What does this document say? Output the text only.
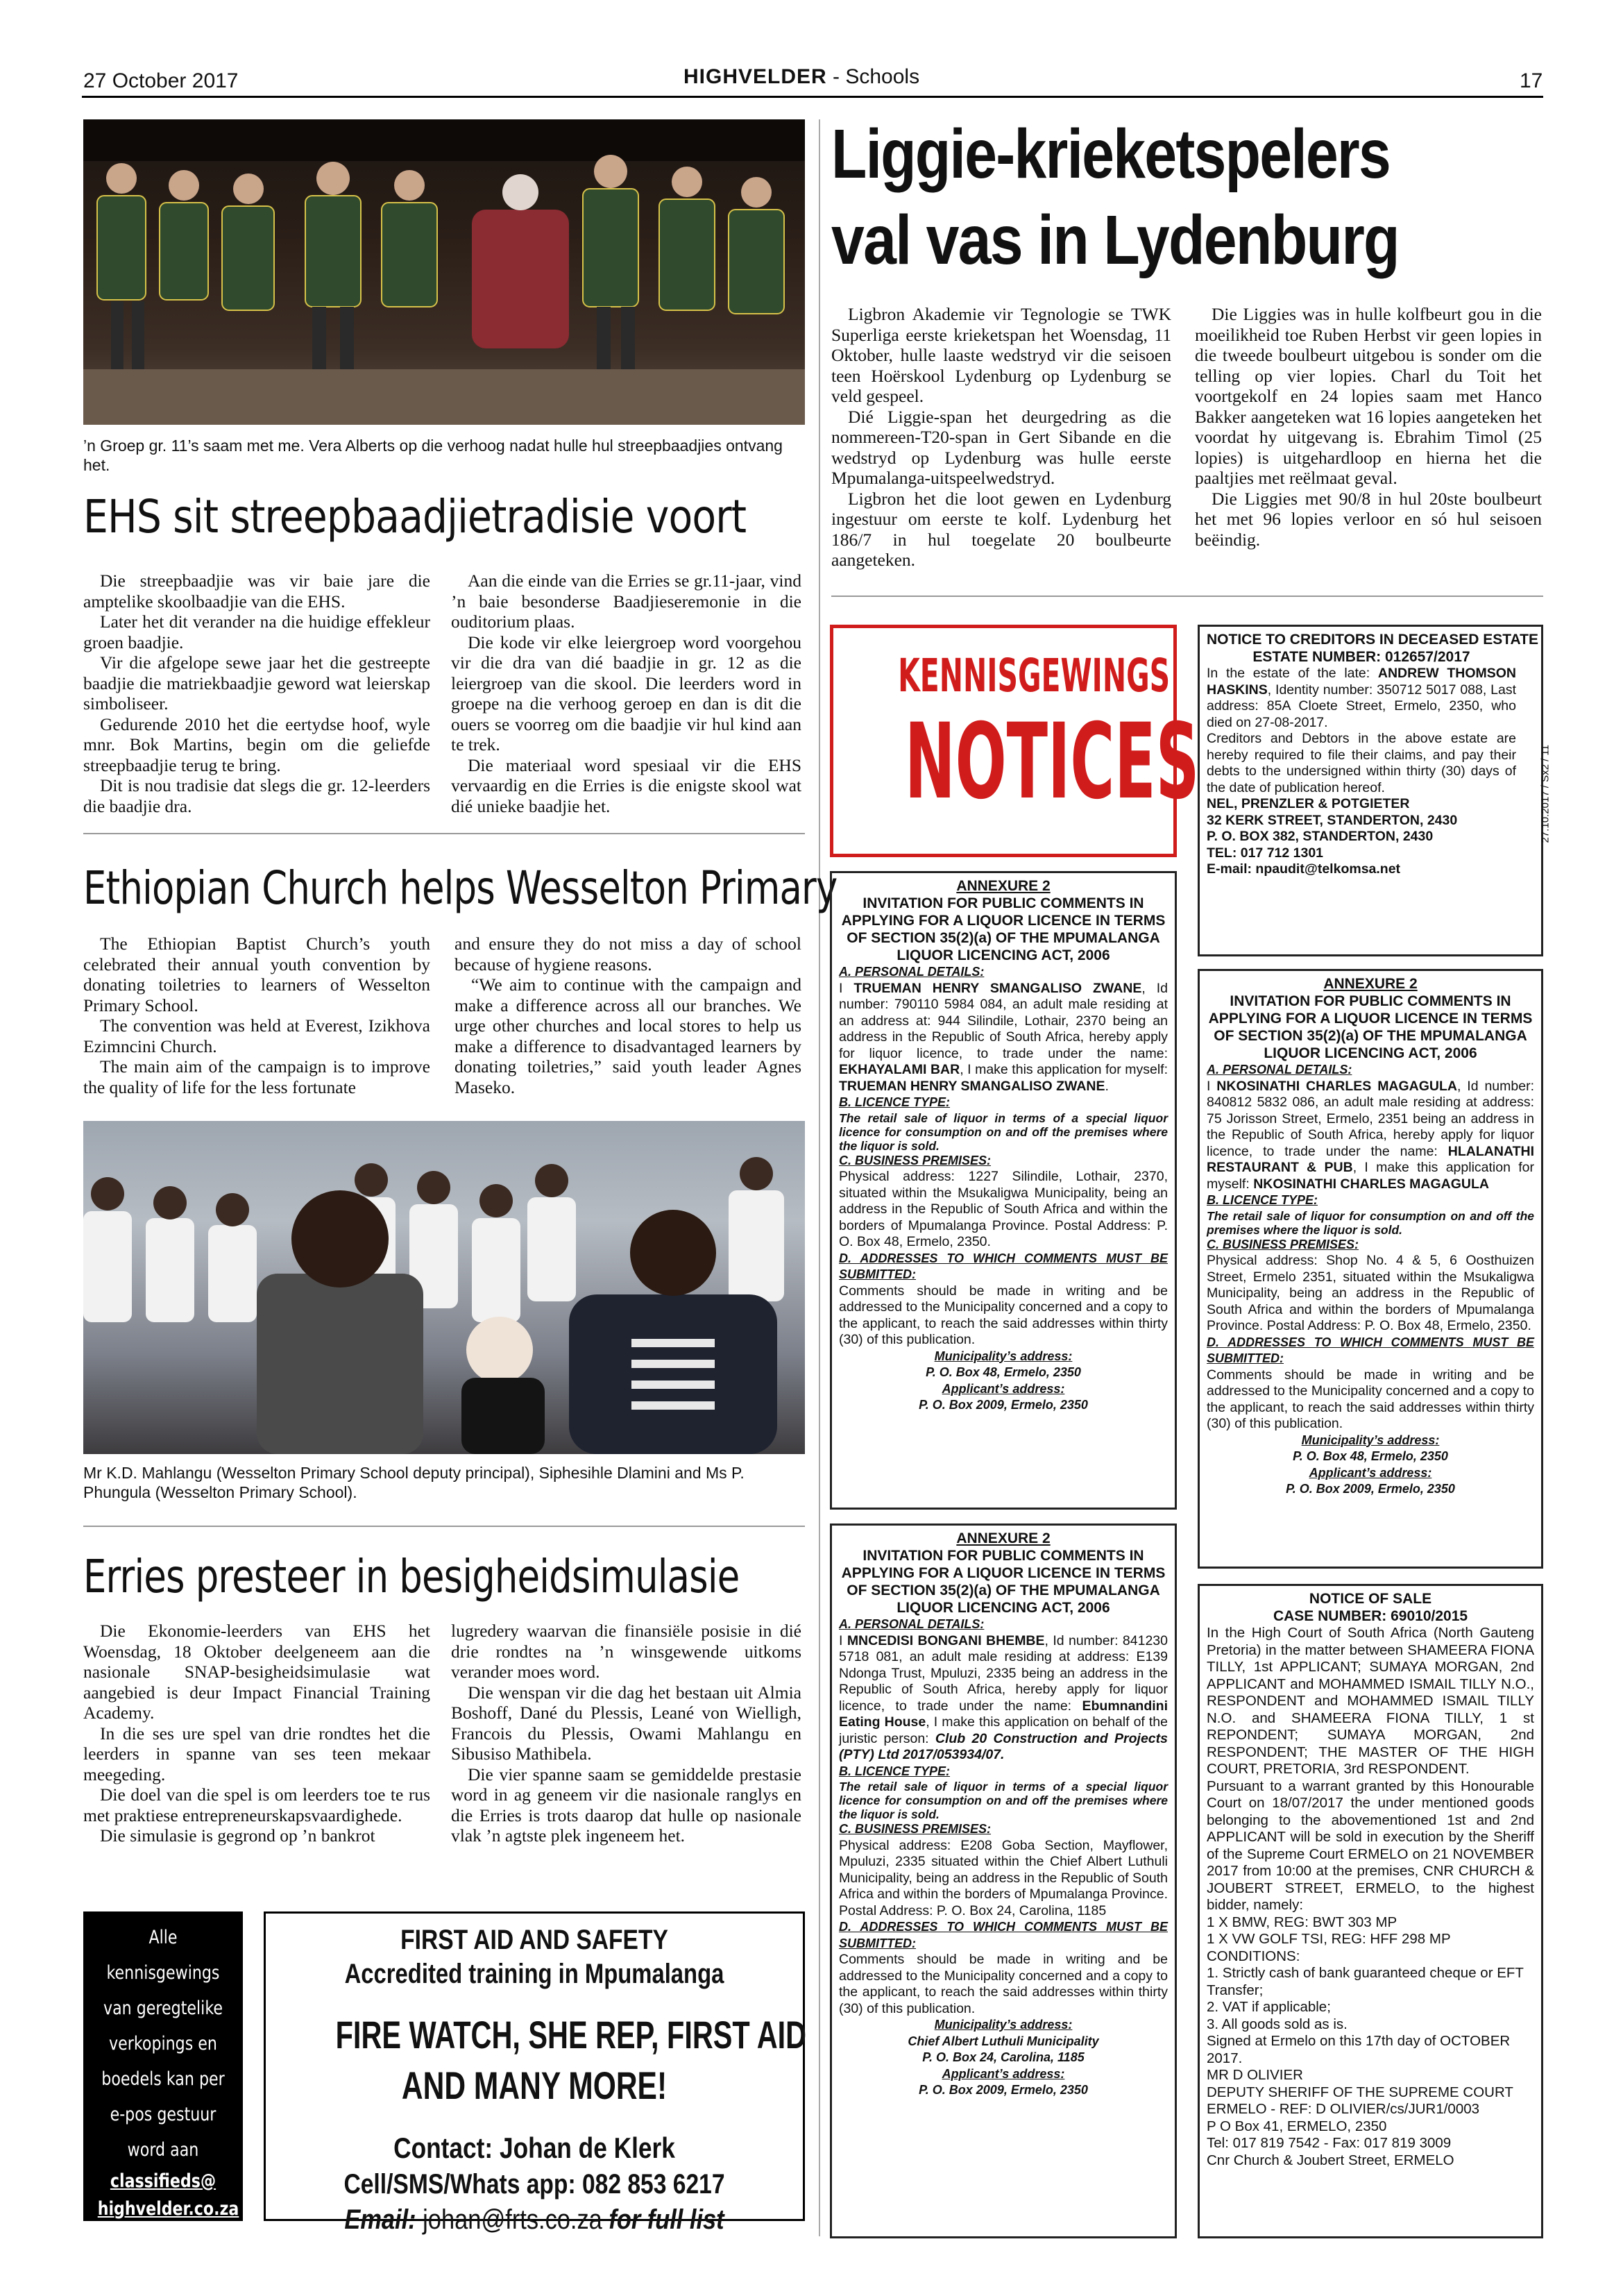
27 October 2017	HIGHVELDER - Schools	17
’n Groep gr. 11’s saam met me. Vera Alberts op die verhoog nadat hulle hul streepbaadjies ontvang het.
EHS sit streepbaadjietradisie voort

Die streepbaadjie was vir baie jare die amptelike skoolbaadjie van die EHS.

Later het dit verander na die huidige effekleur groen baadjie.

Vir die afgelope sewe jaar het die gestreepte baadjie die matriekbaadjie geword wat leierskap simboliseer.

Gedurende 2010 het die eertydse hoof, wyle mnr. Bok Martins, begin om die geliefde streepbaadjie terug te bring.

Dit is nou tradisie dat slegs die gr. 12-leerders die baadjie dra.

Aan die einde van die Erries se gr.11-jaar, vind ’n baie besonderse Baadjieseremonie in die ouditorium plaas.

Die kode vir elke leiergroep word voorgehou vir die dra van dié baadjie in gr. 12 as die leiergroep van die skool. Die leerders word in groepe na die verhoog geroep en dan is dit die ouers se voorreg om die baadjie vir hul kind aan te trek.

Die materiaal word spesiaal vir die EHS vervaardig en die Erries is die enigste skool wat dié unieke baadjie het.

Liggie-krieketspelers
val vas in Lydenburg

Ligbron Akademie vir Tegnologie se TWK Superliga eerste krieketspan het Woensdag, 11 Oktober, hulle laaste wedstryd vir die seisoen teen Hoërskool Lydenburg op Lydenburg se veld gespeel.

Dié Liggie-span het deurgedring as die nommereen-T20-span in Gert Sibande en die wedstryd op Lydenburg was hulle eerste Mpumalanga-uitspeelwedstryd.

Ligbron het die loot gewen en Lydenburg ingestuur om eerste te kolf. Lydenburg het 186/7 in hul toegelate 20 boulbeurte aangeteken.

Die Liggies was in hulle kolfbeurt gou in die moeilikheid toe Ruben Herbst vir geen lopies in die tweede boulbeurt uitgebou is sonder om die telling op vier lopies. Charl du Toit het voortgekolf en 24 lopies saam met Hanco Bakker aangeteken wat 16 lopies aangeteken het voordat hy uitgevang is. Ebrahim Timol (25 lopies) is uitgehardloop en hierna het die paaltjies met reëlmaat geval.

Die Liggies met 90/8 in hul 20ste boulbeurt het met 96 lopies verloor en só hul seisoen beëindig.

Ethiopian Church helps Wesselton Primary

The Ethiopian Baptist Church’s youth celebrated their annual youth convention by donating toiletries to learners of Wesselton Primary School.

The convention was held at Everest, Izikhova Ezimncini Church.

The main aim of the campaign is to improve the quality of life for the less fortunate

and ensure they do not miss a day of school because of hygiene reasons.

“We aim to continue with the campaign and make a difference across all our branches. We urge other churches and local stores to help us make a difference to disadvantaged learners by donating toiletries,” said youth leader Agnes Maseko.

Mr K.D. Mahlangu (Wesselton Primary School deputy principal), Siphesihle Dlamini and Ms P. Phungula (Wesselton Primary School).
Erries presteer in besigheidsimulasie

Die Ekonomie-leerders van EHS het Woensdag, 18 Oktober deelgeneem aan die nasionale SNAP-besigheidsimulasie wat aangebied is deur Impact Financial Training Academy.

In die ses ure spel van drie rondtes het die leerders in spanne van ses teen mekaar meegeding.

Die doel van die spel is om leerders toe te rus met praktiese entrepreneurskapsvaardighede.

Die simulasie is gegrond op ’n bankrot

lugredery waarvan die finansiële posisie in dié drie rondtes na ’n winsgewende uitkoms verander moes word.

Die wenspan vir die dag het bestaan uit Almia Boshoff, Dané du Plessis, Leané von Wielligh, Francois du Plessis, Owami Mahlangu en Sibusiso Mathibela.

Die vier spanne saam se gemiddelde prestasie word in ag geneem vir die nasionale ranglys en die Erries is trots daarop dat hulle op nasionale vlak ’n agtste plek ingeneem het.

Alle
kennisgewings
van geregtelike
verkopings en
boedels kan per
e-pos gestuur
word aan
classifieds@
highvelder.co.za
FIRST AID AND SAFETY
Accredited training in Mpumalanga
FIRE WATCH, SHE REP, FIRST AID
AND MANY MORE!
Contact: Johan de Klerk
Cell/SMS/Whats app: 082 853 6217
Email: johan@frts.co.za for full list
KENNISGEWINGS
NOTICES
NOTICE TO CREDITORS IN DECEASED ESTATE
ESTATE NUMBER: 012657/2017

In the estate of the late: ANDREW THOMSON HASKINS, Identity number: 350712 5017 088, Last address: 85A Cloete Street, Ermelo, 2350, who died on 27-08-2017.

Creditors and Debtors in the above estate are hereby required to file their claims, and pay their debts to the undersigned within thirty (30) days of the date of publication hereof.

NEL, PRENZLER & POTGIETER

32 KERK STREET, STANDERTON, 2430

P. O. BOX 382, STANDERTON, 2430

TEL: 017 712 1301

E-mail: npaudit@telkomsa.net

27.10.2017 / Sx2 / 11
ANNEXURE 2
INVITATION FOR PUBLIC COMMENTS IN APPLYING FOR A LIQUOR LICENCE IN TERMS OF SECTION 35(2)(a) OF THE MPUMALANGA LIQUOR LICENCING ACT, 2006
A. PERSONAL DETAILS:

I TRUEMAN HENRY SMANGALISO ZWANE, Id number: 790110 5984 084, an adult male residing at an address at: 944 Silindile, Lothair, 2370 being an address in the Republic of South Africa, hereby apply for liquor licence, to trade under the name: EKHAYALAMI BAR, I make this application for myself: TRUEMAN HENRY SMANGALISO ZWANE.

B. LICENCE TYPE:

The retail sale of liquor in terms of a special liquor licence for consumption on and off the premises where the liquor is sold.

C. BUSINESS PREMISES:

Physical address: 1227 Silindile, Lothair, 2370, situated within the Msukaligwa Municipality, being an address in the Republic of South Africa and within the borders of Mpumalanga Province. Postal Address: P. O. Box 48, Ermelo, 2350.

D. ADDRESSES TO WHICH COMMENTS MUST BE SUBMITTED:

Comments should be made in writing and be addressed to the Municipality concerned and a copy to the applicant, to reach the said addresses within thirty (30) of this publication.

Municipality’s address:
P. O. Box 48, Ermelo, 2350
Applicant’s address:
P. O. Box 2009, Ermelo, 2350
ANNEXURE 2
INVITATION FOR PUBLIC COMMENTS IN APPLYING FOR A LIQUOR LICENCE IN TERMS OF SECTION 35(2)(a) OF THE MPUMALANGA LIQUOR LICENCING ACT, 2006
A. PERSONAL DETAILS:

I NKOSINATHI CHARLES MAGAGULA, Id number: 840812 5832 086, an adult male residing at address: 75 Jorisson Street, Ermelo, 2351 being an address in the Republic of South Africa, hereby apply for liquor licence, to trade under the name: HLALANATHI RESTAURANT & PUB, I make this application for myself: NKOSINATHI CHARLES MAGAGULA

B. LICENCE TYPE:

The retail sale of liquor for consumption on and off the premises where the liquor is sold.

C. BUSINESS PREMISES:

Physical address: Shop No. 4 & 5, 6 Oosthuizen Street, Ermelo 2351, situated within the Msukaligwa Municipality, being an address in the Republic of South Africa and within the borders of Mpumalanga Province. Postal Address: P. O. Box 48, Ermelo, 2350.

D. ADDRESSES TO WHICH COMMENTS MUST BE SUBMITTED:

Comments should be made in writing and be addressed to the Municipality concerned and a copy to the applicant, to reach the said addresses within thirty (30) of this publication.

Municipality’s address:
P. O. Box 48, Ermelo, 2350
Applicant’s address:
P. O. Box 2009, Ermelo, 2350
ANNEXURE 2
INVITATION FOR PUBLIC COMMENTS IN APPLYING FOR A LIQUOR LICENCE IN TERMS OF SECTION 35(2)(a) OF THE MPUMALANGA LIQUOR LICENCING ACT, 2006
A. PERSONAL DETAILS:

I MNCEDISI BONGANI BHEMBE, Id number: 841230 5718 081, an adult male residing at address: E139 Ndonga Trust, Mpuluzi, 2335 being an address in the Republic of South Africa, hereby apply for liquor licence, to trade under the name: Ebumnandini Eating House, I make this application on behalf of the juristic person: Club 20 Construction and Projects (PTY) Ltd 2017/053934/07.

B. LICENCE TYPE:

The retail sale of liquor in terms of a special liquor licence for consumption on and off the premises where the liquor is sold.

C. BUSINESS PREMISES:

Physical address: E208 Goba Section, Mayflower, Mpuluzi, 2335 situated within the Chief Albert Luthuli Municipality, being an address in the Republic of South Africa and within the borders of Mpumalanga Province. Postal Address: P. O. Box 24, Carolina, 1185

D. ADDRESSES TO WHICH COMMENTS MUST BE SUBMITTED:

Comments should be made in writing and be addressed to the Municipality concerned and a copy to the applicant, to reach the said addresses within thirty (30) of this publication.

Municipality’s address:
Chief Albert Luthuli Municipality
P. O. Box 24, Carolina, 1185
Applicant’s address:
P. O. Box 2009, Ermelo, 2350
NOTICE OF SALE
CASE NUMBER: 69010/2015

In the High Court of South Africa (North Gauteng Pretoria) in the matter between SHAMEERA FIONA TILLY, 1st APPLICANT; SUMAYA MORGAN, 2nd APPLICANT and MOHAMMED ISMAIL TILLY N.O., RESPONDENT and MOHAMMED ISMAIL TILLY N.O. and SHAMEERA FIONA TILLY, 1 st REPONDENT; SUMAYA MORGAN, 2nd RESPONDENT; THE MASTER OF THE HIGH COURT, PRETORIA, 3rd RESPONDENT.

Pursuant to a warrant granted by this Honourable Court on 18/07/2017 the under mentioned goods belonging to the abovementioned 1st and 2nd APPLICANT will be sold in execution by the Sheriff of the Supreme Court ERMELO on 21 NOVEMBER 2017 from 10:00 at the premises, CNR CHURCH & JOUBERT STREET, ERMELO, to the highest bidder, namely:

1 X BMW, REG: BWT 303 MP

1 X VW GOLF TSI, REG: HFF 298 MP

CONDITIONS:

1. Strictly cash of bank guaranteed cheque or EFT Transfer;

2. VAT if applicable;

3. All goods sold as is.

Signed at Ermelo on this 17th day of OCTOBER 2017.

MR D OLIVIER

DEPUTY SHERIFF OF THE SUPREME COURT

ERMELO - REF: D OLIVIER/cs/JUR1/0003

P O Box 41, ERMELO, 2350

Tel: 017 819 7542 - Fax: 017 819 3009

Cnr Church & Joubert Street, ERMELO
